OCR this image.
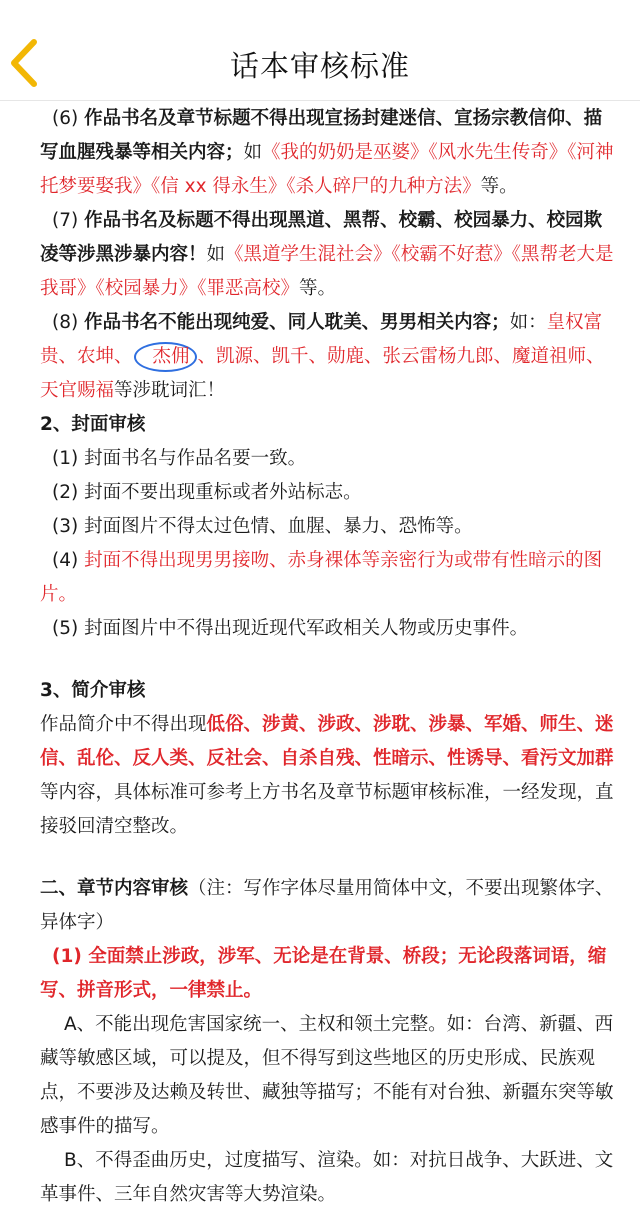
话本审核标准

(6) 作品书名及章节标题不得出现宣扬封建迷信、宣扬宗教信仰、描写血腥残暴等相关内容；如《我的奶奶是巫婆》《风水先生传奇》《河神托梦要娶我》《信 xx 得永生》《杀人碎尸的九种方法》等。

(7) 作品书名及标题不得出现黑道、黑帮、校霸、校园暴力、校园欺凌等涉黑涉暴内容！如《黑道学生混社会》《校霸不好惹》《黑帮老大是我哥》《校园暴力》《罪恶高校》等。

(8) 作品书名不能出现纯爱、同人耽美、男男相关内容；如：皇权富贵、农坤、 杰佣 、凯源、凯千、勋鹿、张云雷杨九郎、魔道祖师、天官赐福等涉耽词汇！

2、封面审核

(1) 封面书名与作品名要一致。

(2) 封面不要出现重标或者外站标志。

(3) 封面图片不得太过色情、血腥、暴力、恐怖等。

(4) 封面不得出现男男接吻、赤身裸体等亲密行为或带有性暗示的图片。

(5) 封面图片中不得出现近现代军政相关人物或历史事件。

3、简介审核

作品简介中不得出现低俗、涉黄、涉政、涉耽、涉暴、军婚、师生、迷信、乱伦、反人类、反社会、自杀自残、性暗示、性诱导、看污文加群等内容，具体标准可参考上方书名及章节标题审核标准，一经发现，直接驳回清空整改。

二、章节内容审核（注：写作字体尽量用简体中文，不要出现繁体字、异体字）

(1) 全面禁止涉政，涉军、无论是在背景、桥段；无论段落词语，缩写、拼音形式，一律禁止。

A、不能出现危害国家统一、主权和领土完整。如：台湾、新疆、西藏等敏感区域，可以提及，但不得写到这些地区的历史形成、民族观点，不要涉及达赖及转世、藏独等描写；不能有对台独、新疆东突等敏感事件的描写。

B、不得歪曲历史，过度描写、渲染。如：对抗日战争、大跃进、文革事件、三年自然灾害等大势渲染。
